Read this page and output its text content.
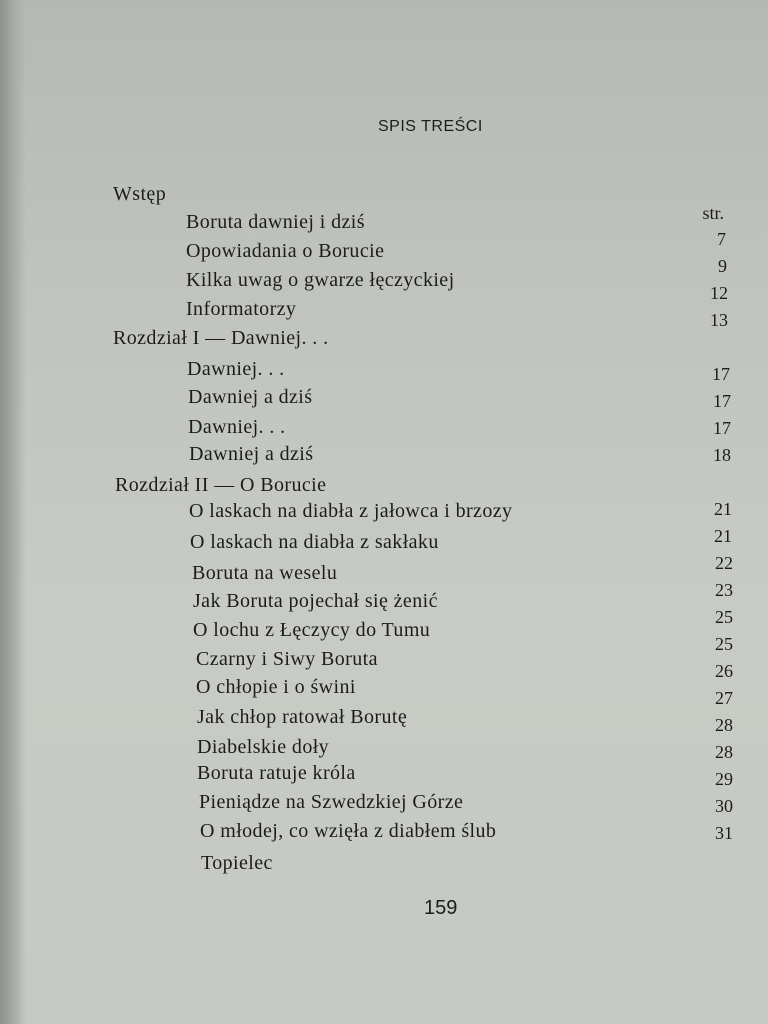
SPIS TREŚCI
str.
Wstęp
Boruta dawniej i dziś
Opowiadania o Borucie
Kilka uwag o gwarze łęczyckiej
Informatorzy
Rozdział I — Dawniej. . .
Dawniej. . .
Dawniej a dziś
Dawniej. . .
Dawniej a dziś
Rozdział II — O Borucie
O laskach na diabła z jałowca i brzozy
O laskach na diabła z sakłaku
Boruta na weselu
Jak Boruta pojechał się żenić
O lochu z Łęczycy do Tumu
Czarny i Siwy Boruta
O chłopie i o świni
Jak chłop ratował Borutę
Diabelskie doły
Boruta ratuje króla
Pieniądze na Szwedzkiej Górze
O młodej, co wzięła z diabłem ślub
Topielec
7
9
12
13
17
17
17
18
21
21
22
23
25
25
26
27
28
28
29
30
31
159
